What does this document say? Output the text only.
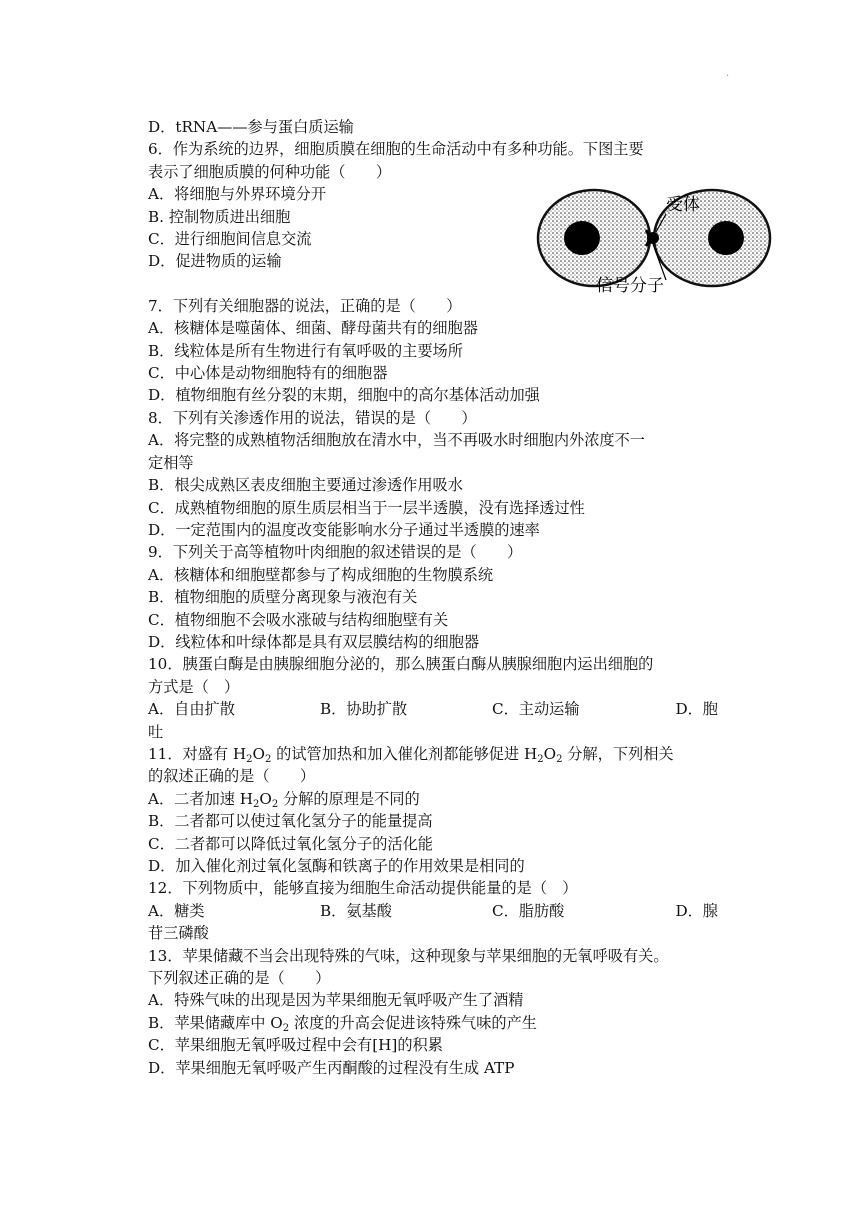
.
受体
信号分子

D．tRNA——参与蛋白质运输

6．作为系统的边界，细胞质膜在细胞的生命活动中有多种功能。下图主要

表示了细胞质膜的何种功能（　　）

A．将细胞与外界环境分开

B. 控制物质进出细胞

C．进行细胞间信息交流

D．促进物质的运输

7．下列有关细胞器的说法，正确的是（　　）

A．核糖体是噬菌体、细菌、酵母菌共有的细胞器

B．线粒体是所有生物进行有氧呼吸的主要场所

C．中心体是动物细胞特有的细胞器

D．植物细胞有丝分裂的末期，细胞中的高尔基体活动加强

8．下列有关渗透作用的说法，错误的是（　　）

A．将完整的成熟植物活细胞放在清水中，当不再吸水时细胞内外浓度不一

定相等

B．根尖成熟区表皮细胞主要通过渗透作用吸水

C．成熟植物细胞的原生质层相当于一层半透膜，没有选择透过性

D．一定范围内的温度改变能影响水分子通过半透膜的速率

9．下列关于高等植物叶肉细胞的叙述错误的是（　　）

A．核糖体和细胞壁都参与了构成细胞的生物膜系统

B．植物细胞的质壁分离现象与液泡有关

C．植物细胞不会吸水涨破与结构细胞壁有关

D．线粒体和叶绿体都是具有双层膜结构的细胞器

10．胰蛋白酶是由胰腺细胞分泌的，那么胰蛋白酶从胰腺细胞内运出细胞的

方式是（　）

A．自由扩散	B．协助扩散	C．主动运输	D．胞

吐

11．对盛有 $H_2O_2$ 的试管加热和加入催化剂都能够促进 $H_2O_2$ 分解，下列相关

的叙述正确的是（　　）

A．二者加速 $H_2O_2$ 分解的原理是不同的

B．二者都可以使过氧化氢分子的能量提高

C．二者都可以降低过氧化氢分子的活化能

D．加入催化剂过氧化氢酶和铁离子的作用效果是相同的

12．下列物质中，能够直接为细胞生命活动提供能量的是（　）

A．糖类	B．氨基酸	C．脂肪酸	D．腺

苷三磷酸

13．苹果储藏不当会出现特殊的气味，这种现象与苹果细胞的无氧呼吸有关。

下列叙述正确的是（　　）

A．特殊气味的出现是因为苹果细胞无氧呼吸产生了酒精

B．苹果储藏库中 $O_2$ 浓度的升高会促进该特殊气味的产生

C．苹果细胞无氧呼吸过程中会有[H]的积累

D．苹果细胞无氧呼吸产生丙酮酸的过程没有生成 ATP
